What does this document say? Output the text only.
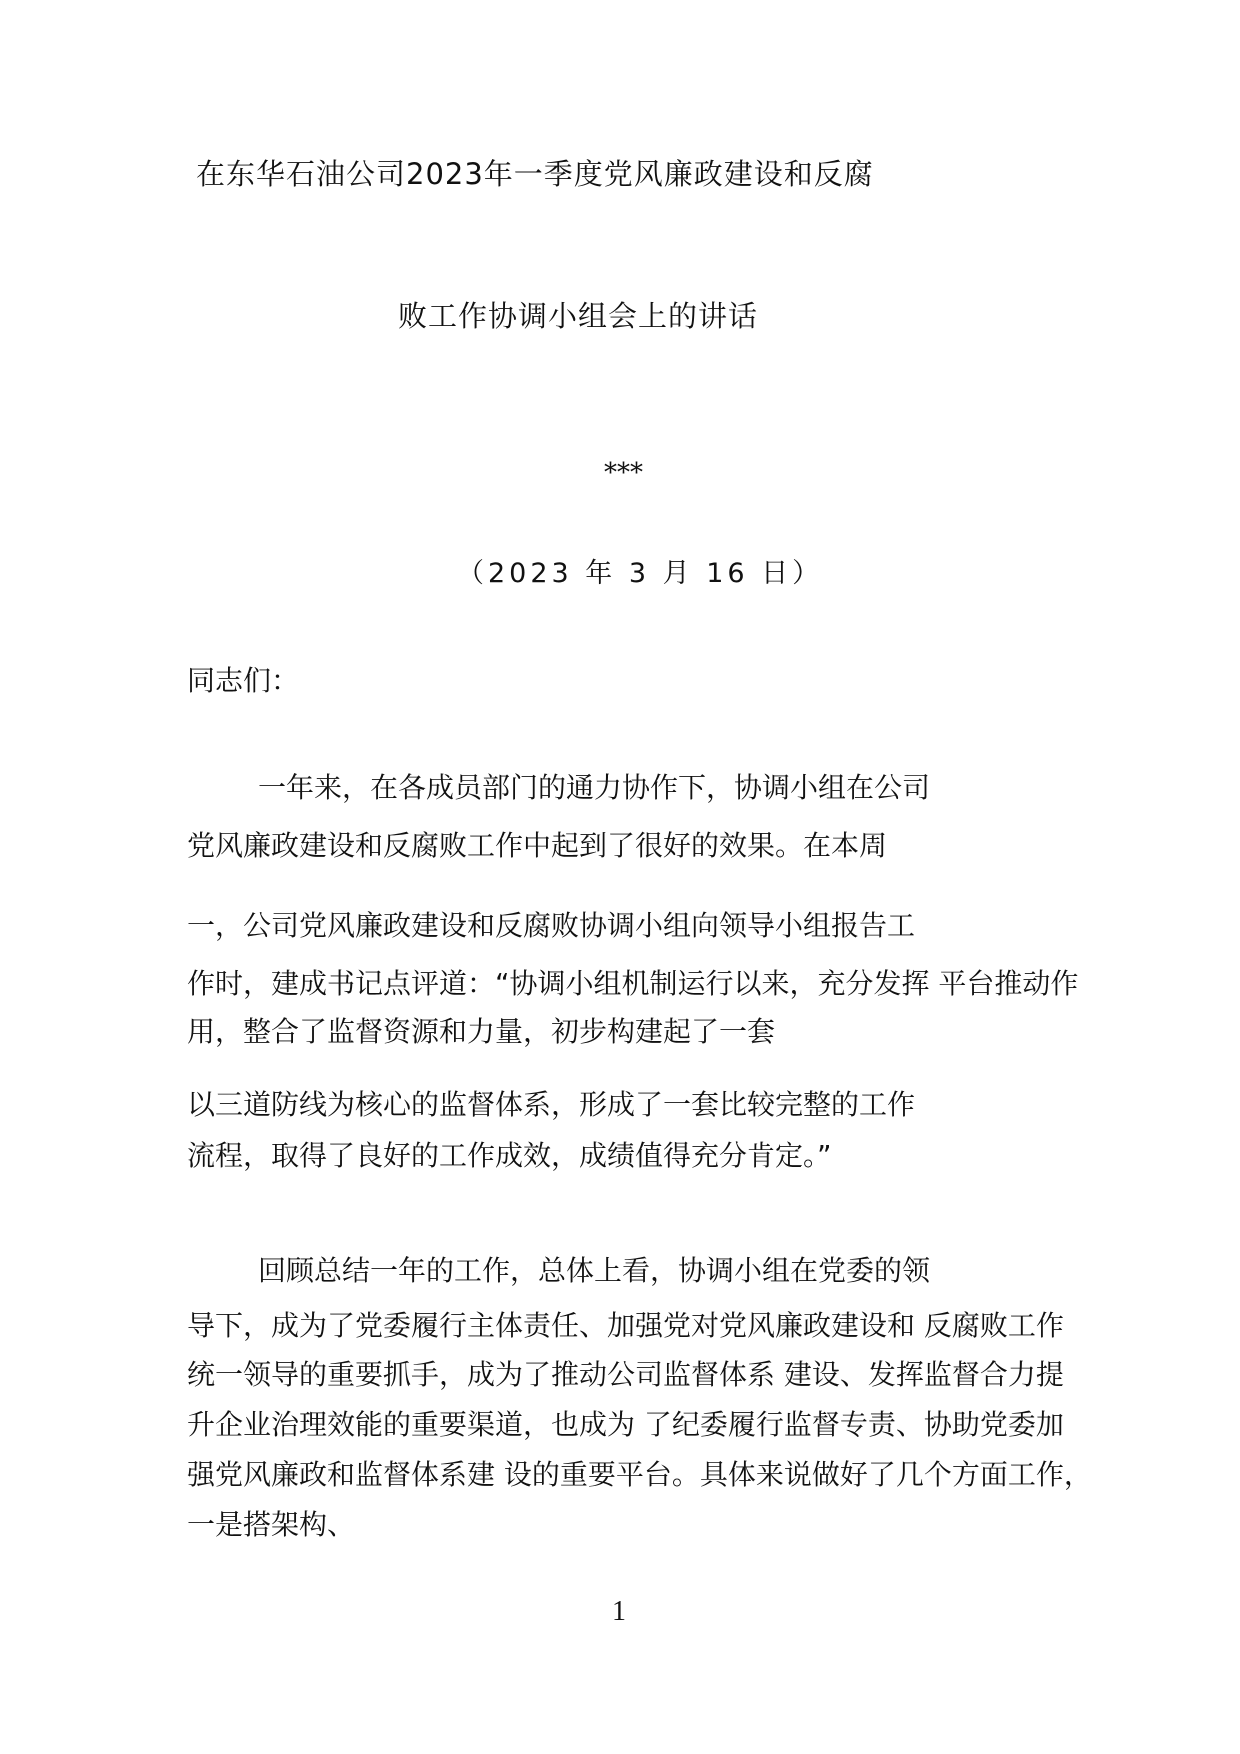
在东华石油公司2023年一季度党风廉政建设和反腐
败工作协调小组会上的讲话
***
（2023 年 3 月 16 日）
同志们：
一年来，在各成员部门的通力协作下，协调小组在公司
党风廉政建设和反腐败工作中起到了很好的效果。在本周
一，公司党风廉政建设和反腐败协调小组向领导小组报告工
作时，建成书记点评道：“协调小组机制运行以来，充分发挥 平台推动作
用，整合了监督资源和力量，初步构建起了一套
以三道防线为核心的监督体系，形成了一套比较完整的工作
流程，取得了良好的工作成效，成绩值得充分肯定。”
回顾总结一年的工作，总体上看，协调小组在党委的领
导下，成为了党委履行主体责任、加强党对党风廉政建设和 反腐败工作
统一领导的重要抓手，成为了推动公司监督体系 建设、发挥监督合力提
升企业治理效能的重要渠道，也成为 了纪委履行监督专责、协助党委加
强党风廉政和监督体系建 设的重要平台。具体来说做好了几个方面工作，
一是搭架构、
1
